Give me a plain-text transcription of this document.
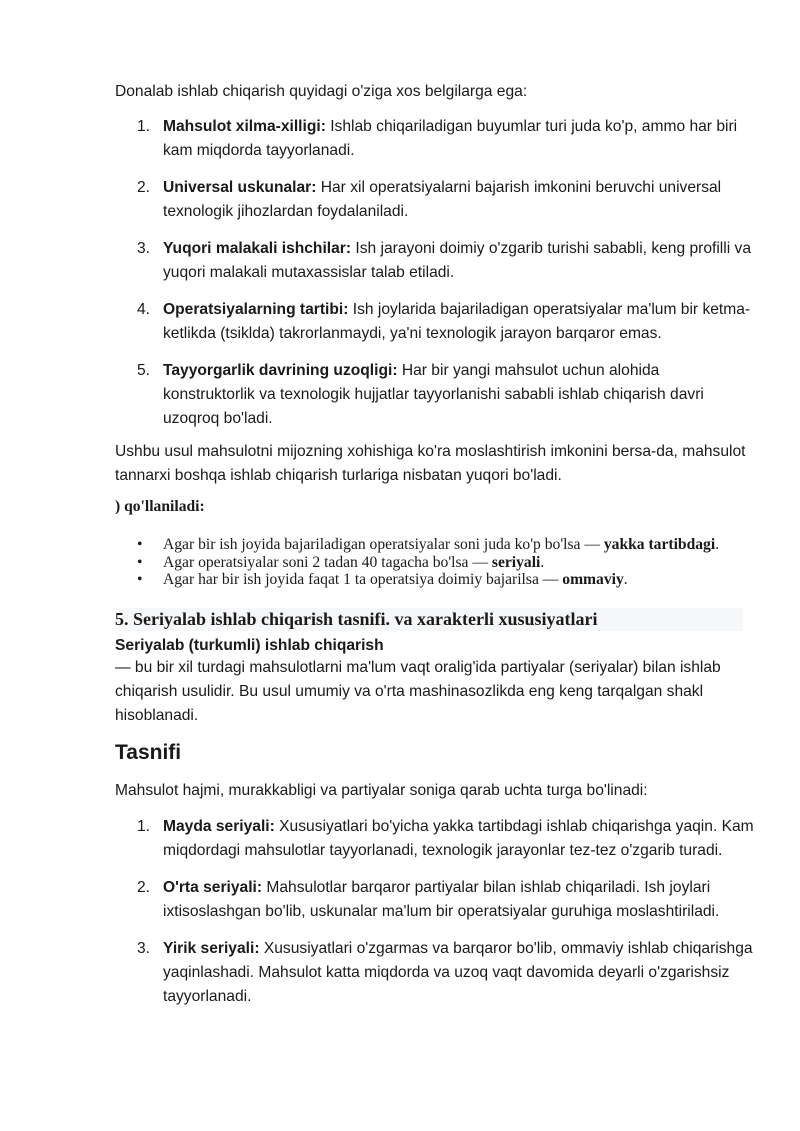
Donalab ishlab chiqarish quyidagi o'ziga xos belgilarga ega:

1. Mahsulot xilma-xilligi: Ishlab chiqariladigan buyumlar turi juda ko'p, ammo har biri kam miqdorda tayyorlanadi.
2. Universal uskunalar: Har xil operatsiyalarni bajarish imkonini beruvchi universal texnologik jihozlardan foydalaniladi.
3. Yuqori malakali ishchilar: Ish jarayoni doimiy o'zgarib turishi sababli, keng profilli va yuqori malakali mutaxassislar talab etiladi.
4. Operatsiyalarning tartibi: Ish joylarida bajariladigan operatsiyalar ma'lum bir ketma-ketlikda (tsiklda) takrorlanmaydi, ya'ni texnologik jarayon barqaror emas.
5. Tayyorgarlik davrining uzoqligi: Har bir yangi mahsulot uchun alohida konstruktorlik va texnologik hujjatlar tayyorlanishi sababli ishlab chiqarish davri uzoqroq bo'ladi.

Ushbu usul mahsulotni mijozning xohishiga ko'ra moslashtirish imkonini bersa-da, mahsulot tannarxi boshqa ishlab chiqarish turlariga nisbatan yuqori bo'ladi.

) qo'llaniladi:

• Agar bir ish joyida bajariladigan operatsiyalar soni juda ko'p bo'lsa — yakka tartibdagi.
• Agar operatsiyalar soni 2 tadan 40 tagacha bo'lsa — seriyali.
• Agar har bir ish joyida faqat 1 ta operatsiya doimiy bajarilsa — ommaviy.
5. Seriyalab ishlab chiqarish tasnifi. va xarakterli xususiyatlari

Seriyalab (turkumli) ishlab chiqarish

— bu bir xil turdagi mahsulotlarni ma'lum vaqt oralig'ida partiyalar (seriyalar) bilan ishlab chiqarish usulidir. Bu usul umumiy va o'rta mashinasozlikda eng keng tarqalgan shakl hisoblanadi.

Tasnifi

Mahsulot hajmi, murakkabligi va partiyalar soniga qarab uchta turga bo'linadi:

1. Mayda seriyali: Xususiyatlari bo'yicha yakka tartibdagi ishlab chiqarishga yaqin. Kam miqdordagi mahsulotlar tayyorlanadi, texnologik jarayonlar tez-tez o'zgarib turadi.
2. O'rta seriyali: Mahsulotlar barqaror partiyalar bilan ishlab chiqariladi. Ish joylari ixtisoslashgan bo'lib, uskunalar ma'lum bir operatsiyalar guruhiga moslashtiriladi.
3. Yirik seriyali: Xususiyatlari o'zgarmas va barqaror bo'lib, ommaviy ishlab chiqarishga yaqinlashadi. Mahsulot katta miqdorda va uzoq vaqt davomida deyarli o'zgarishsiz tayyorlanadi.
